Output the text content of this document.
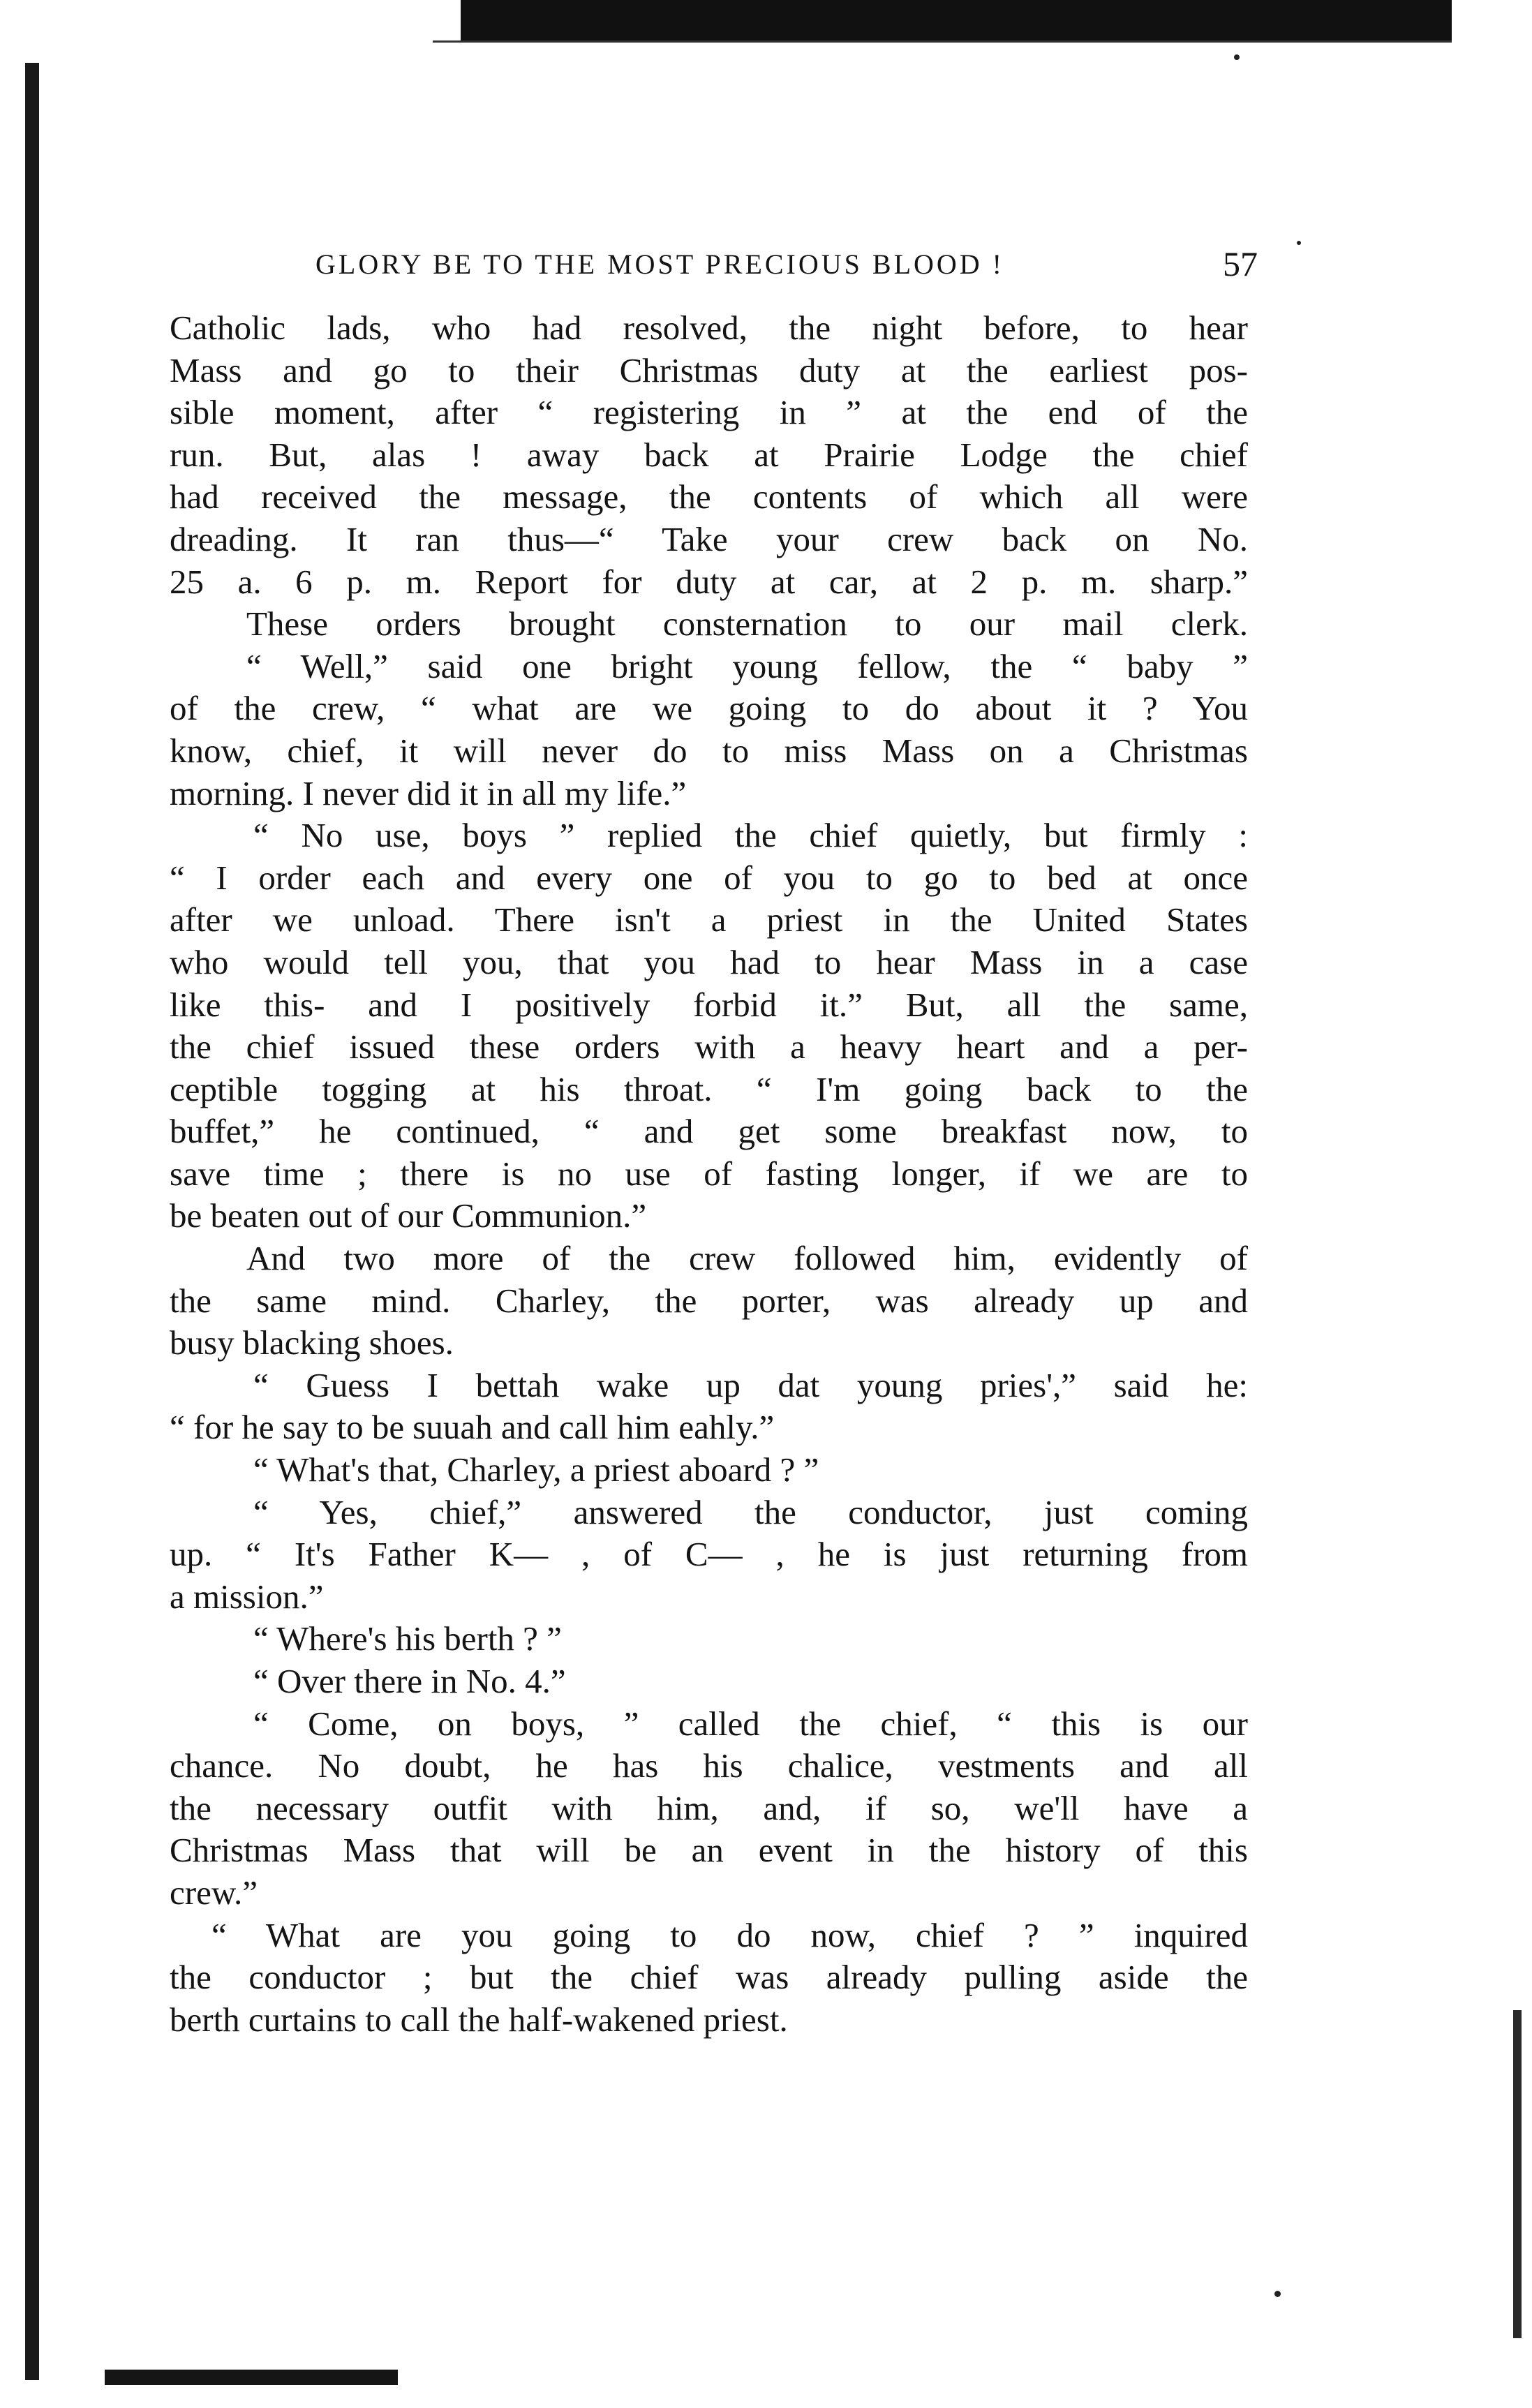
GLORY BE TO THE MOST PRECIOUS BLOOD !	57
Catholic lads, who had resolved, the night before, to hear
Mass and go to their Christmas duty at the earliest pos-
sible moment, after “ registering in ” at the end of the
run. But, alas ! away back at Prairie Lodge the chief
had received the message, the contents of which all were
dreading. It ran thus—“ Take your crew back on No.
25 a. 6 p. m. Report for duty at car, at 2 p. m. sharp.”
These orders brought consternation to our mail clerk.
“ Well,” said one bright young fellow, the “ baby ”
of the crew, “ what are we going to do about it ? You
know, chief, it will never do to miss Mass on a Christmas
morning. I never did it in all my life.”
“ No use, boys ” replied the chief quietly, but firmly :
“ I order each and every one of you to go to bed at once
after we unload. There isn't a priest in the United States
who would tell you, that you had to hear Mass in a case
like this- and I positively forbid it.” But, all the same,
the chief issued these orders with a heavy heart and a per-
ceptible togging at his throat. “ I'm going back to the
buffet,” he continued, “ and get some breakfast now, to
save time ; there is no use of fasting longer, if we are to
be beaten out of our Communion.”
And two more of the crew followed him, evidently of
the same mind. Charley, the porter, was already up and
busy blacking shoes.
“ Guess I bettah wake up dat young pries',” said he:
“ for he say to be suuah and call him eahly.”
“ What's that, Charley, a priest aboard ? ”
“ Yes, chief,” answered the conductor, just coming
up. “ It's Father K— , of C— , he is just returning from
a mission.”
“ Where's his berth ? ”
“ Over there in No. 4.”
“ Come, on boys, ” called the chief, “ this is our
chance. No doubt, he has his chalice, vestments and all
the necessary outfit with him, and, if so, we'll have a
Christmas Mass that will be an event in the history of this
crew.”
“ What are you going to do now, chief ? ” inquired
the conductor ; but the chief was already pulling aside the
berth curtains to call the half-wakened priest.
